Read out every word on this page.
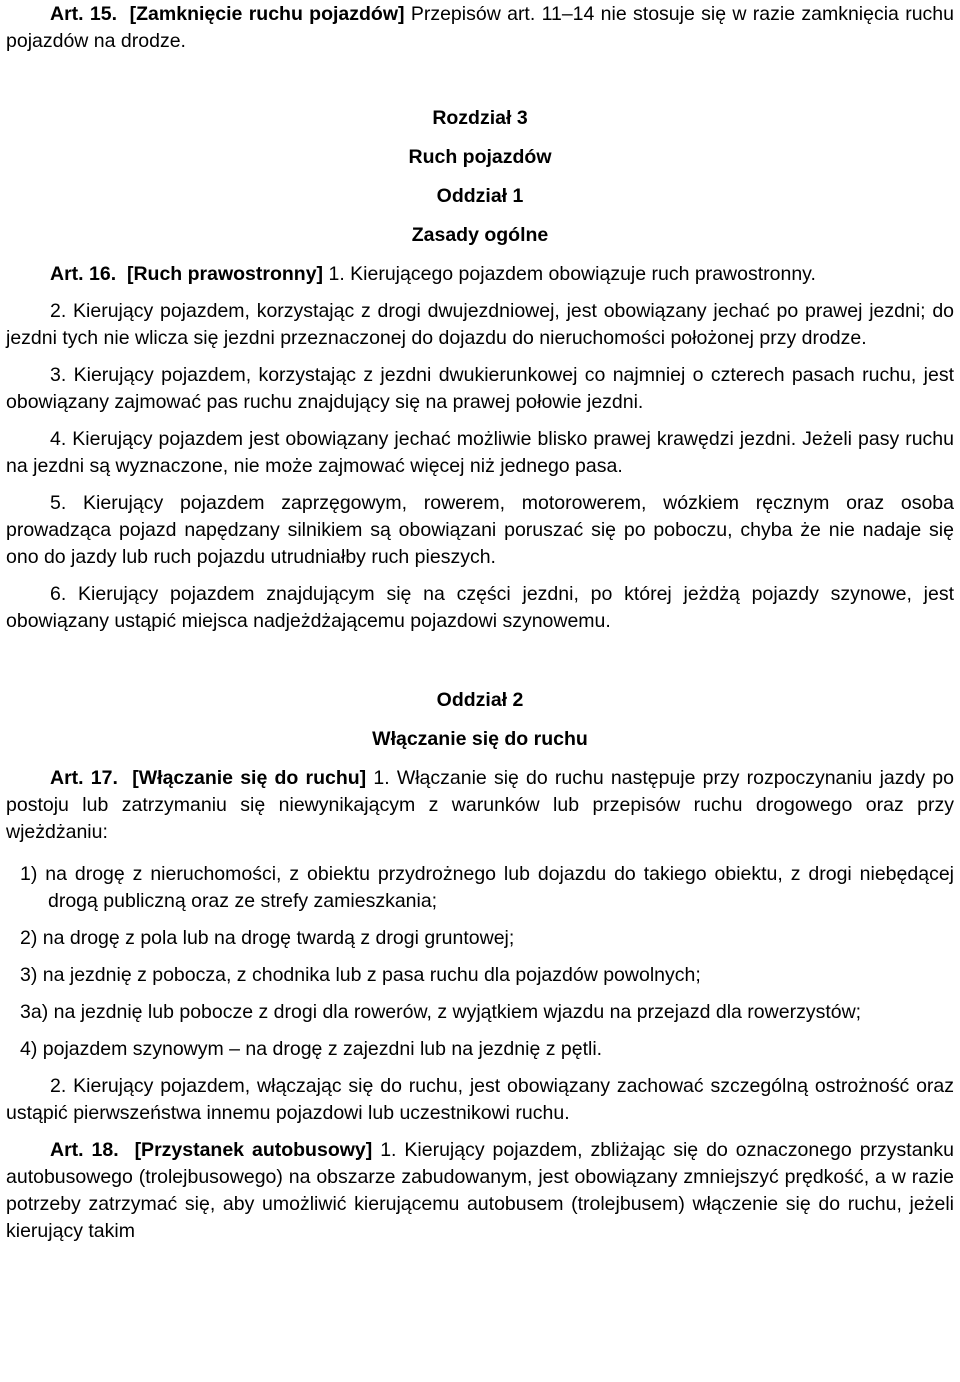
Art. 15. [Zamknięcie ruchu pojazdów] Przepisów art. 11–14 nie stosuje się w razie zamknięcia ruchu pojazdów na drodze.

Rozdział 3

Ruch pojazdów

Oddział 1

Zasady ogólne

Art. 16. [Ruch prawostronny] 1. Kierującego pojazdem obowiązuje ruch prawostronny.

2. Kierujący pojazdem, korzystając z drogi dwujezdniowej, jest obowiązany jechać po prawej jezdni; do jezdni tych nie wlicza się jezdni przeznaczonej do dojazdu do nieruchomości położonej przy drodze.

3. Kierujący pojazdem, korzystając z jezdni dwukierunkowej co najmniej o czterech pasach ruchu, jest obowiązany zajmować pas ruchu znajdujący się na prawej połowie jezdni.

4. Kierujący pojazdem jest obowiązany jechać możliwie blisko prawej krawędzi jezdni. Jeżeli pasy ruchu na jezdni są wyznaczone, nie może zajmować więcej niż jednego pasa.

5. Kierujący pojazdem zaprzęgowym, rowerem, motorowerem, wózkiem ręcznym oraz osoba prowadząca pojazd napędzany silnikiem są obowiązani poruszać się po poboczu, chyba że nie nadaje się ono do jazdy lub ruch pojazdu utrudniałby ruch pieszych.

6. Kierujący pojazdem znajdującym się na części jezdni, po której jeżdżą pojazdy szynowe, jest obowiązany ustąpić miejsca nadjeżdżającemu pojazdowi szynowemu.

Oddział 2

Włączanie się do ruchu

Art. 17. [Włączanie się do ruchu] 1. Włączanie się do ruchu następuje przy rozpoczynaniu jazdy po postoju lub zatrzymaniu się niewynikającym z warunków lub przepisów ruchu drogowego oraz przy wjeżdżaniu:

1) na drogę z nieruchomości, z obiektu przydrożnego lub dojazdu do takiego obiektu, z drogi niebędącej drogą publiczną oraz ze strefy zamieszkania;

2) na drogę z pola lub na drogę twardą z drogi gruntowej;

3) na jezdnię z pobocza, z chodnika lub z pasa ruchu dla pojazdów powolnych;

3a) na jezdnię lub pobocze z drogi dla rowerów, z wyjątkiem wjazdu na przejazd dla rowerzystów;

4) pojazdem szynowym – na drogę z zajezdni lub na jezdnię z pętli.

2. Kierujący pojazdem, włączając się do ruchu, jest obowiązany zachować szczególną ostrożność oraz ustąpić pierwszeństwa innemu pojazdowi lub uczestnikowi ruchu.

Art. 18. [Przystanek autobusowy] 1. Kierujący pojazdem, zbliżając się do oznaczonego przystanku autobusowego (trolejbusowego) na obszarze zabudowanym, jest obowiązany zmniejszyć prędkość, a w razie potrzeby zatrzymać się, aby umożliwić kierującemu autobusem (trolejbusem) włączenie się do ruchu, jeżeli kierujący takim
